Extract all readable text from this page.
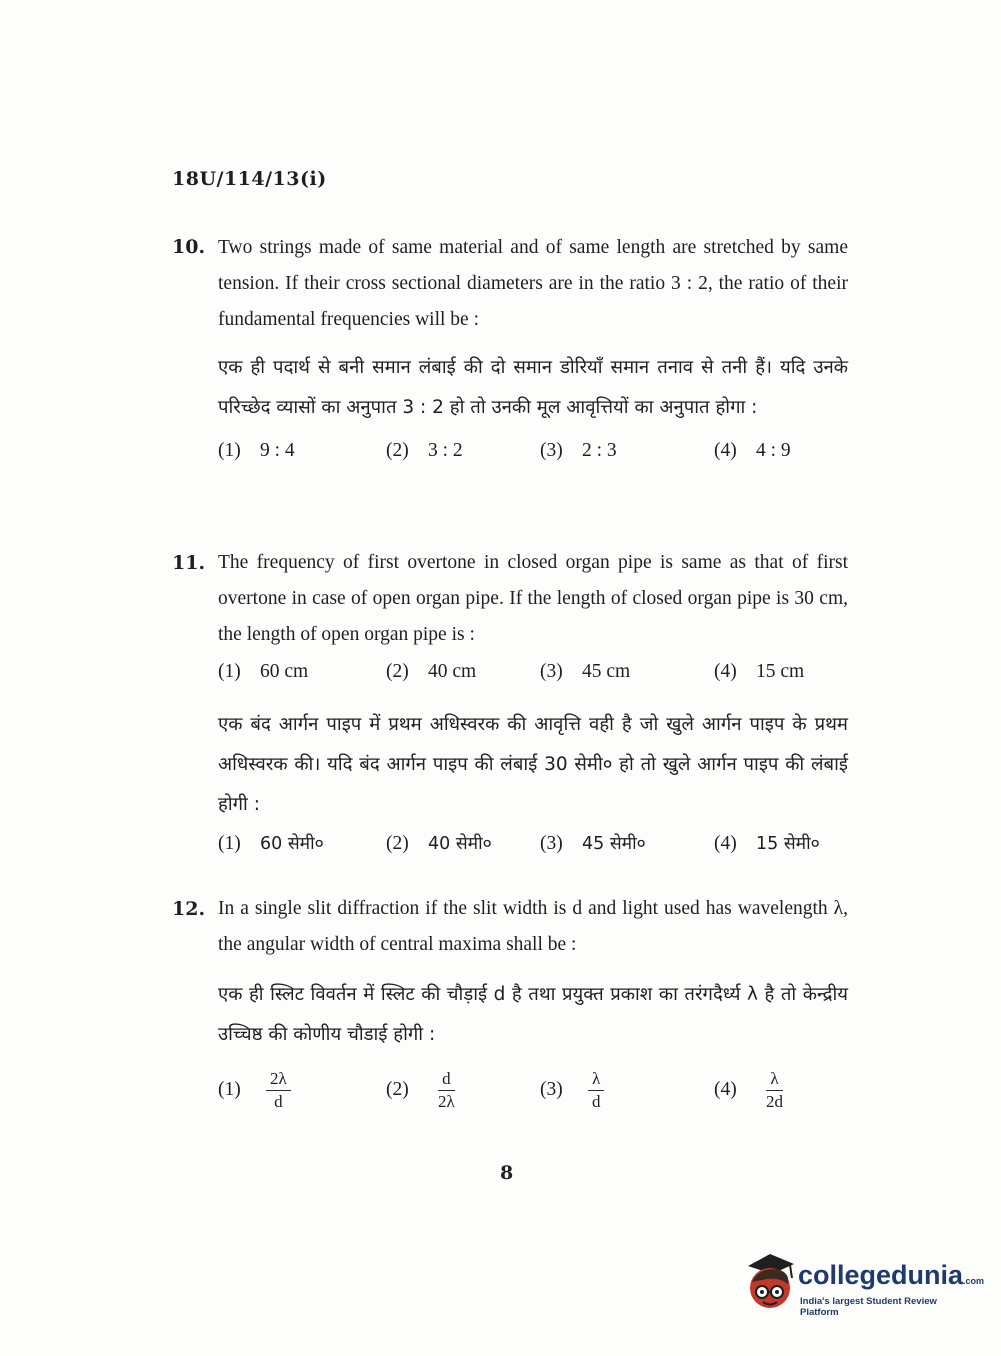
18U/114/13(i)
10. Two strings made of same material and of same length are stretched by same tension. If their cross sectional diameters are in the ratio 3 : 2, the ratio of their fundamental frequencies will be :

एक ही पदार्थ से बनी समान लंबाई की दो समान डोरियाँ समान तनाव से तनी हैं। यदि उनके परिच्छेद व्यासों का अनुपात 3 : 2 हो तो उनकी मूल आवृत्तियों का अनुपात होगा :

(1) 9 : 4	(2) 3 : 2	(3) 2 : 3	(4) 4 : 9
11. The frequency of first overtone in closed organ pipe is same as that of first overtone in case of open organ pipe. If the length of closed organ pipe is 30 cm, the length of open organ pipe is :

(1) 60 cm	(2) 40 cm	(3) 45 cm	(4) 15 cm

एक बंद आर्गन पाइप में प्रथम अधिस्वरक की आवृत्ति वही है जो खुले आर्गन पाइप के प्रथम अधिस्वरक की। यदि बंद आर्गन पाइप की लंबाई 30 सेमी० हो तो खुले आर्गन पाइप की लंबाई होगी :

(1) 60 सेमी०	(2) 40 सेमी० (3) 45 सेमी०	(4) 15 सेमी०
12. In a single slit diffraction if the slit width is d and light used has wavelength λ, the angular width of central maxima shall be :

एक ही स्लिट विवर्तन में स्लिट की चौड़ाई d है तथा प्रयुक्त प्रकाश का तरंगदैर्ध्य λ है तो केन्द्रीय उच्चिष्ठ की कोणीय चौडाई होगी :

$(1) \frac{2\lambda}{d}$	$(2) \frac{d}{2\lambda}$	$(3) \frac{\lambda}{d}$	$(4) \frac{\lambda}{2d}$
8
collegedunia.com
India's largest Student Review Platform
